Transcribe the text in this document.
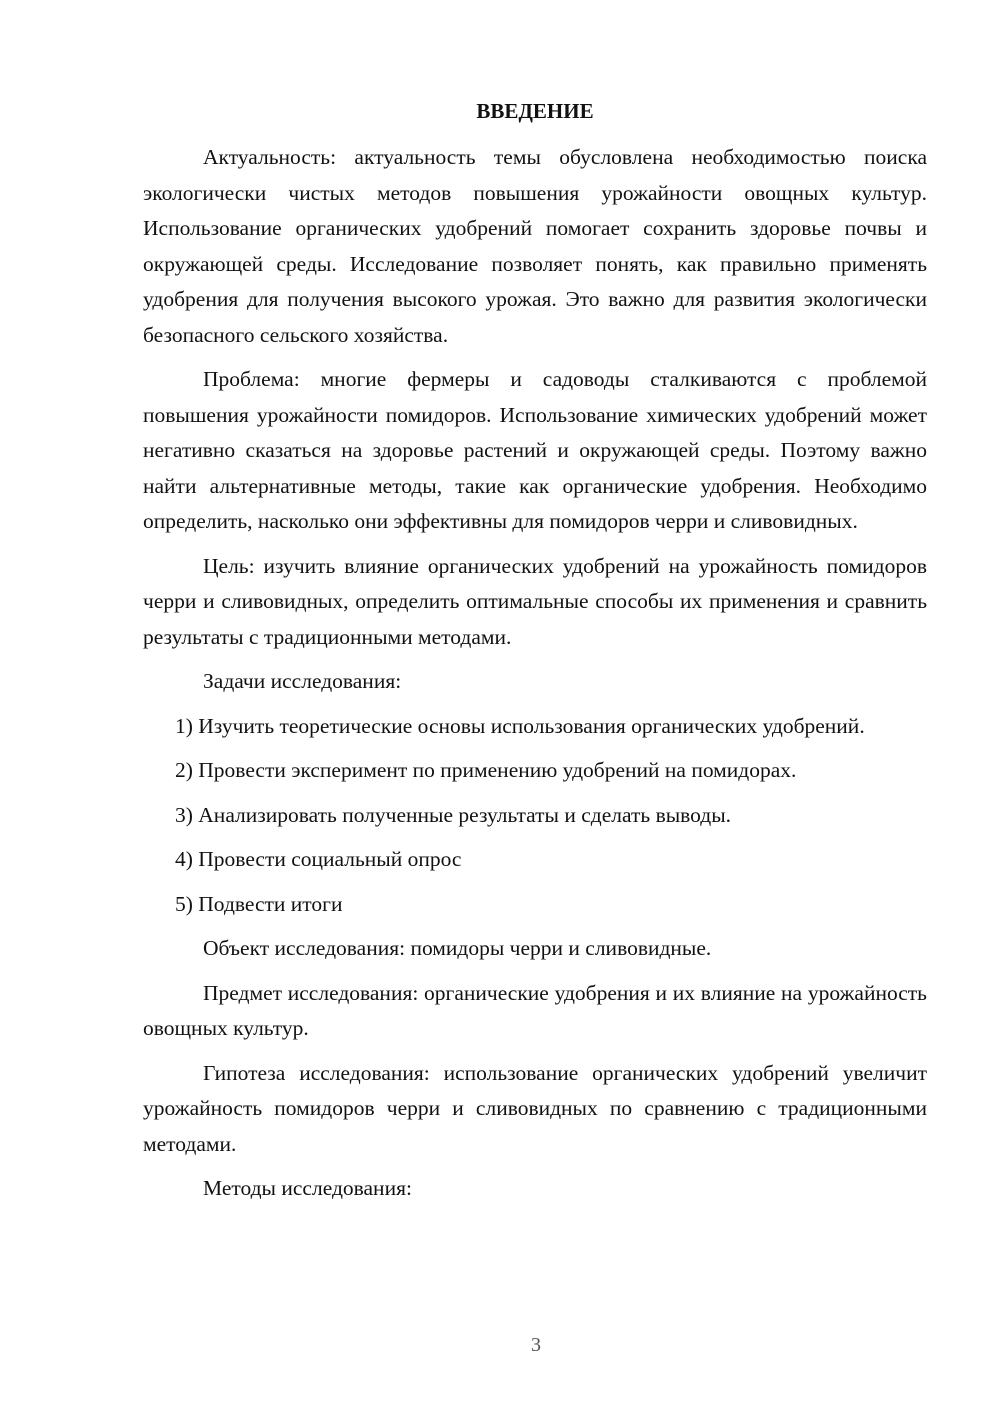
ВВЕДЕНИЕ

Актуальность: актуальность темы обусловлена необходимостью поиска экологически чистых методов повышения урожайности овощных культур. Использование органических удобрений помогает сохранить здоровье почвы и окружающей среды. Исследование позволяет понять, как правильно применять удобрения для получения высокого урожая. Это важно для развития экологически безопасного сельского хозяйства.

Проблема: многие фермеры и садоводы сталкиваются с проблемой повышения урожайности помидоров. Использование химических удобрений может негативно сказаться на здоровье растений и окружающей среды. Поэтому важно найти альтернативные методы, такие как органические удобрения. Необходимо определить, насколько они эффективны для помидоров черри и сливовидных.

Цель: изучить влияние органических удобрений на урожайность помидоров черри и сливовидных, определить оптимальные способы их применения и сравнить результаты с традиционными методами.

Задачи исследования:

1) Изучить теоретические основы использования органических удобрений.

2) Провести эксперимент по применению удобрений на помидорах.

3) Анализировать полученные результаты и сделать выводы.

4) Провести социальный опрос

5) Подвести итоги

Объект исследования: помидоры черри и сливовидные.

Предмет исследования: органические удобрения и их влияние на урожайность овощных культур.

Гипотеза исследования: использование органических удобрений увеличит урожайность помидоров черри и сливовидных по сравнению с традиционными методами.

Методы исследования:

3
